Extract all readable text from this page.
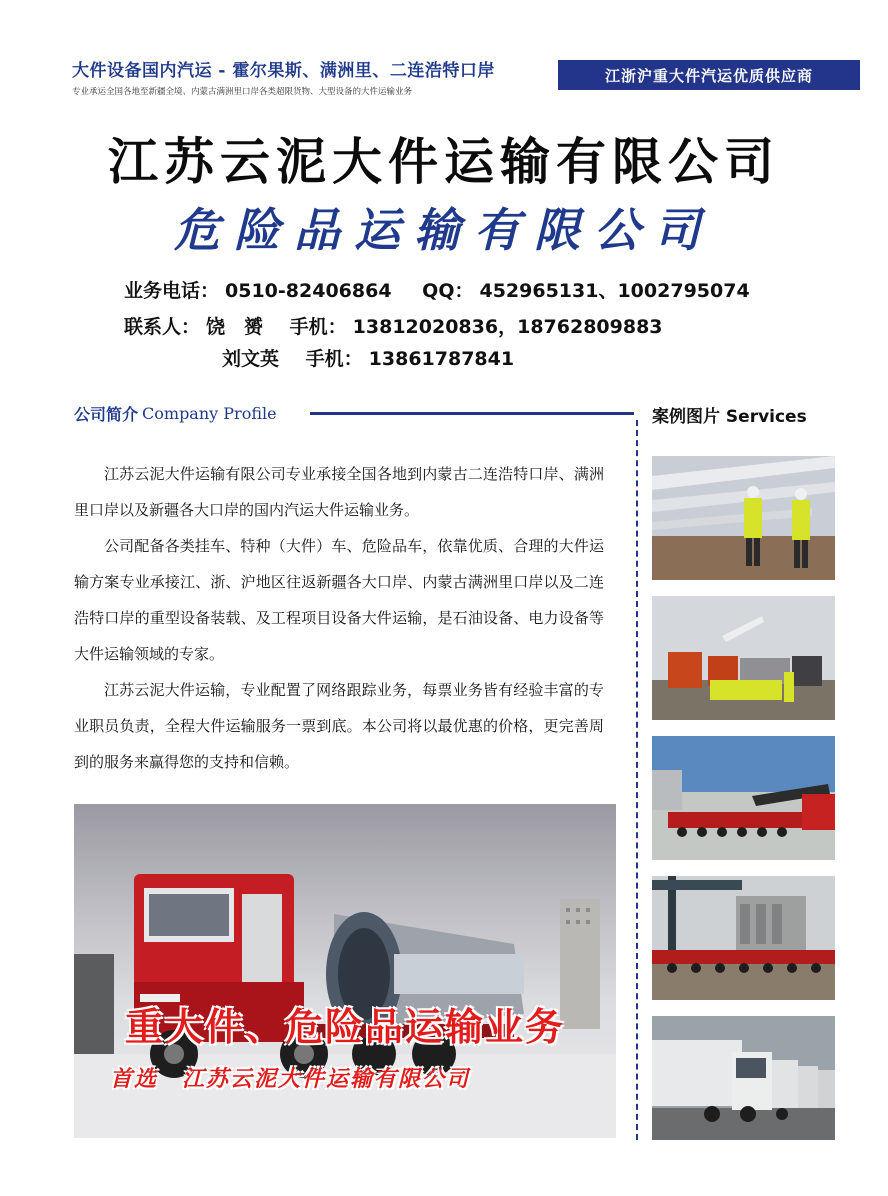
大件设备国内汽运 - 霍尔果斯、满洲里、二连浩特口岸
专业承运全国各地至新疆全境、内蒙古满洲里口岸各类超限货物、大型设备的大件运输业务
江浙沪重大件汽运优质供应商
江苏云泥大件运输有限公司
危险品运输有限公司
业务电话： 0510-82406864 QQ： 452965131、1002795074
联系人： 饶　赟 手机： 13812020836，18762809883
刘文英 手机： 13861787841
公司简介 Company Profile	案例图片 Services

江苏云泥大件运输有限公司专业承接全国各地到内蒙古二连浩特口岸、满洲里口岸以及新疆各大口岸的国内汽运大件运输业务。

公司配备各类挂车、特种（大件）车、危险品车，依靠优质、合理的大件运输方案专业承接江、浙、沪地区往返新疆各大口岸、内蒙古满洲里口岸以及二连浩特口岸的重型设备装载、及工程项目设备大件运输，是石油设备、电力设备等大件运输领域的专家。

江苏云泥大件运输，专业配置了网络跟踪业务，每票业务皆有经验丰富的专业职员负责，全程大件运输服务一票到底。本公司将以最优惠的价格，更完善周到的服务来赢得您的支持和信赖。

重大件、危险品运输业务
首选　江苏云泥大件运输有限公司
